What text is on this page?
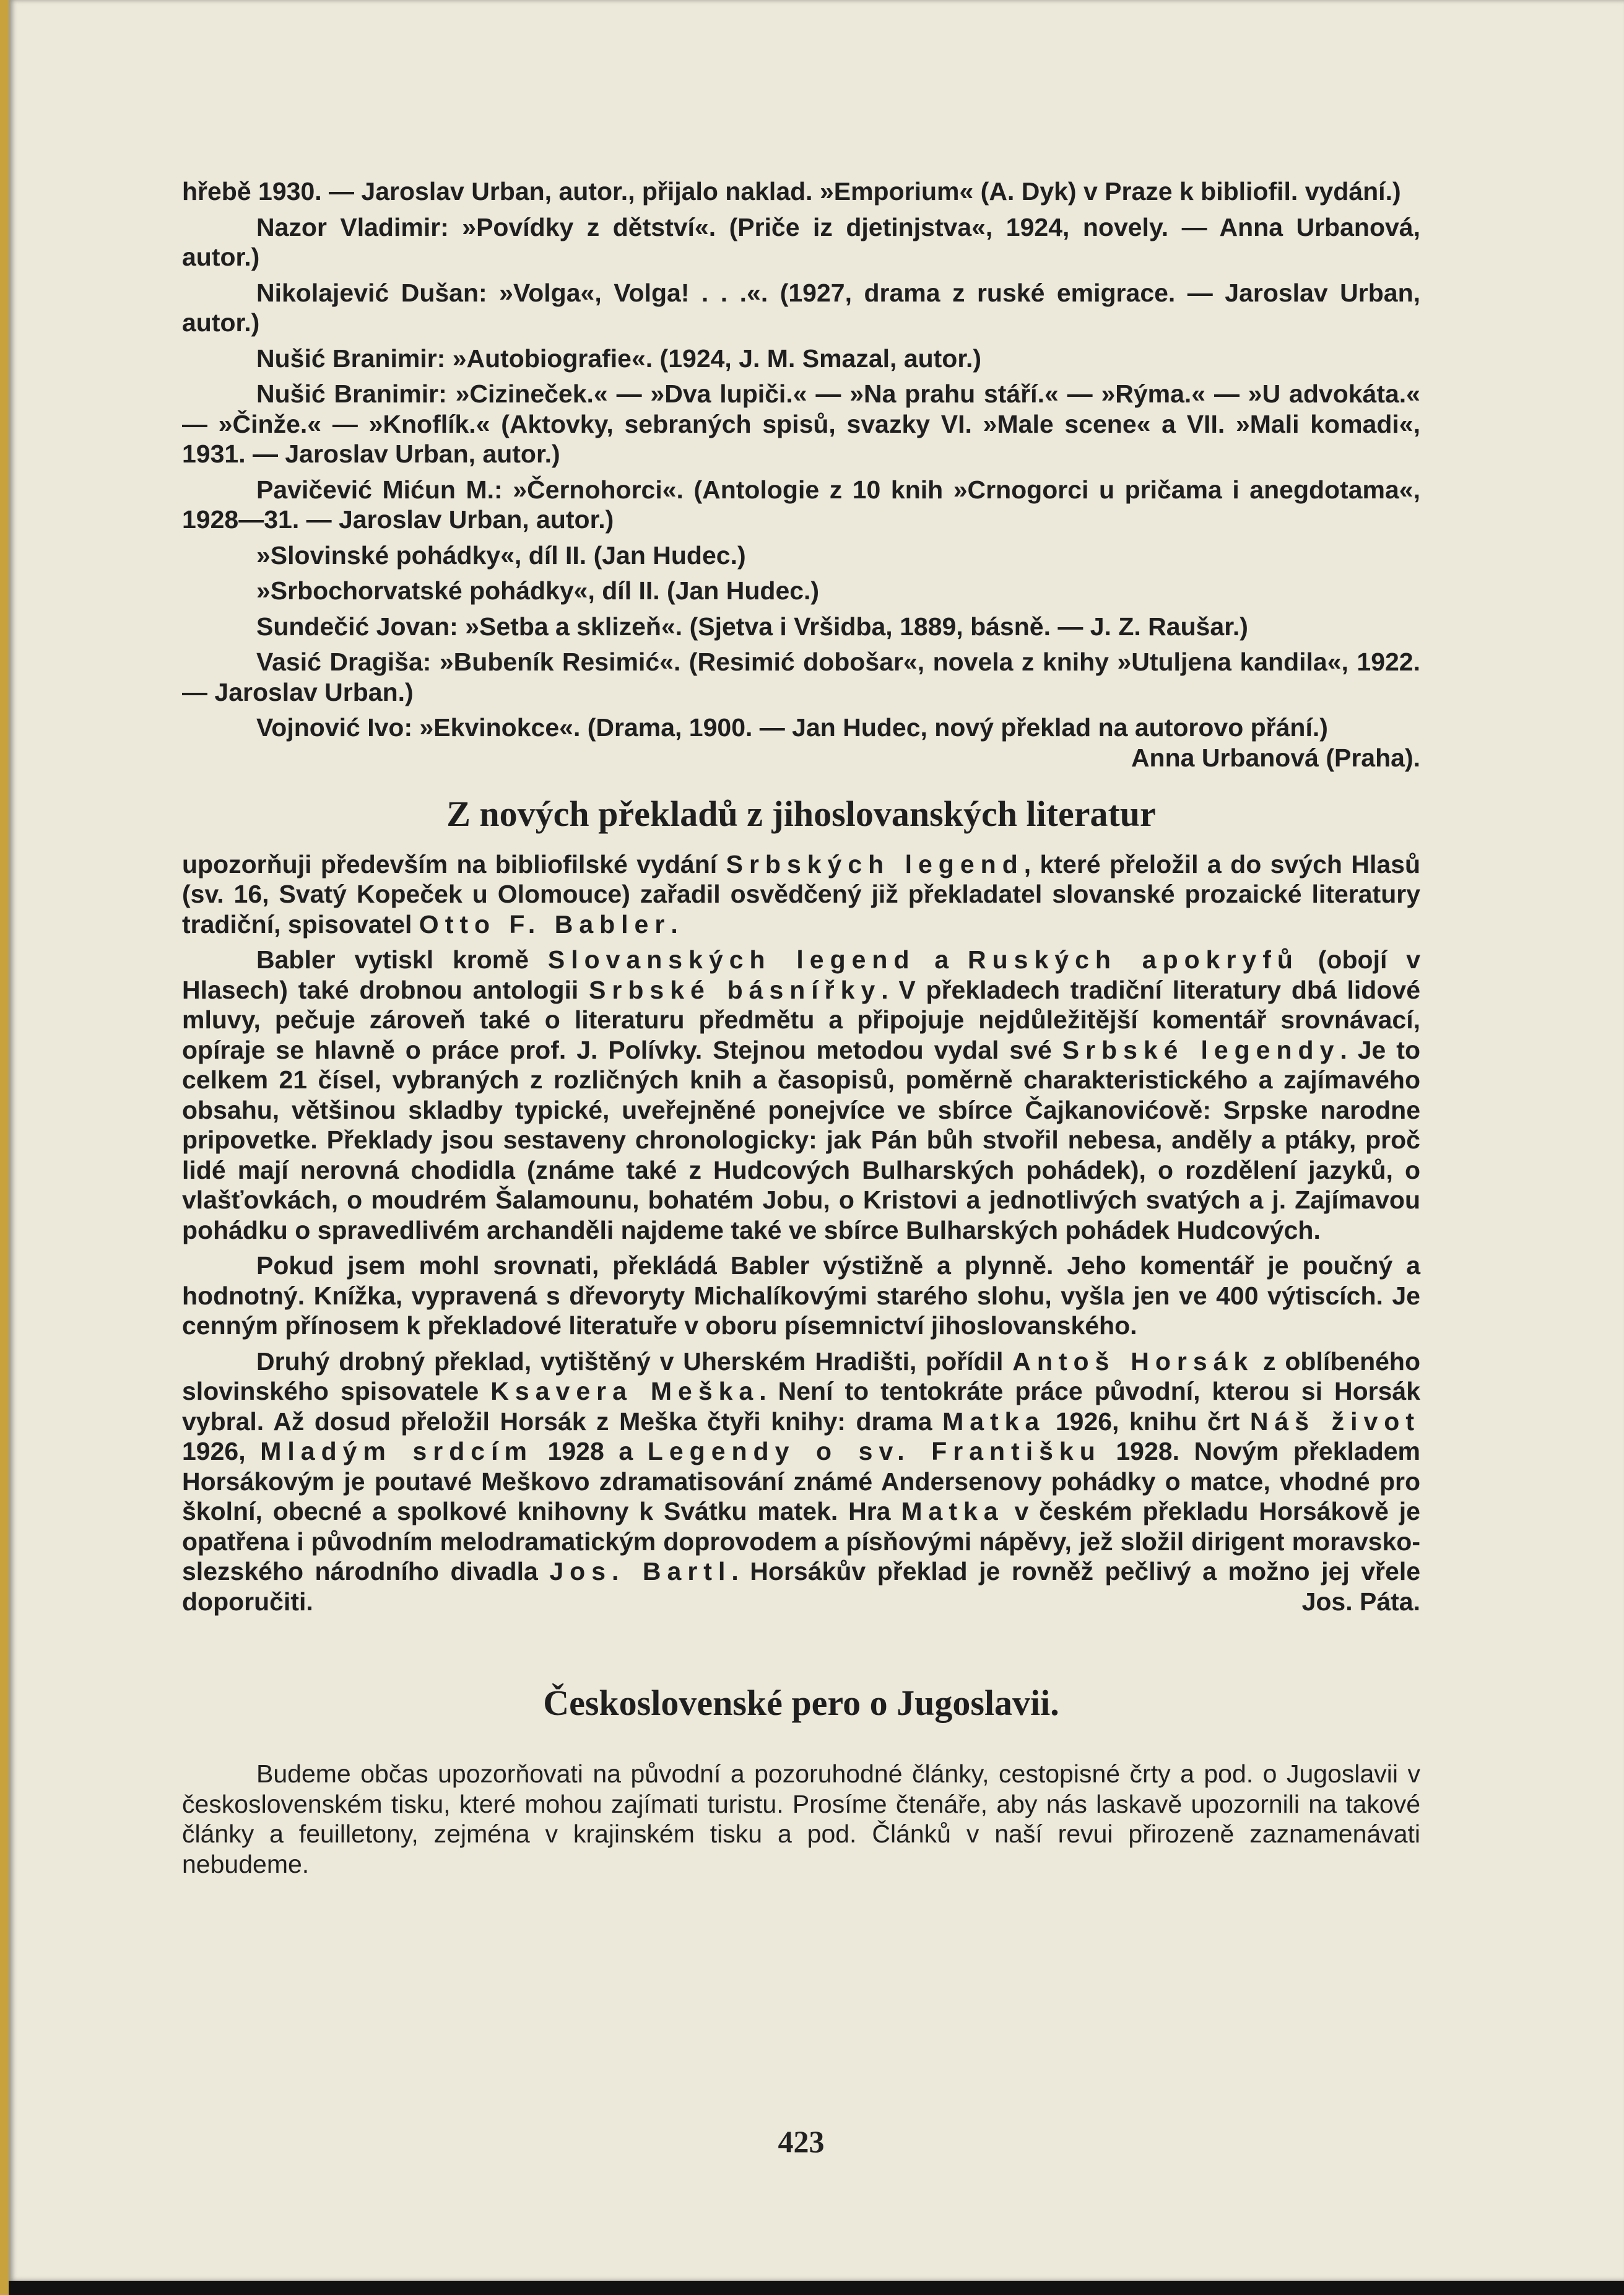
hřebě 1930. — Jaroslav Urban, autor., přijalo naklad. »Emporium« (A. Dyk) v Praze k bibliofil. vydání.)

Nazor Vladimir: »Povídky z dětství«. (Priče iz djetinjstva«, 1924, novely. — Anna Urbanová, autor.)

Nikolajević Dušan: »Volga«, Volga! . . .«. (1927, drama z ruské emigrace. — Jaroslav Urban, autor.)

Nušić Branimir: »Autobiografie«. (1924, J. M. Smazal, autor.)

Nušić Branimir: »Cizineček.« — »Dva lupiči.« — »Na prahu stáří.« — »Rýma.« — »U advokáta.« — »Činže.« — »Knoflík.« (Aktovky, sebraných spisů, svazky VI. »Male scene« a VII. »Mali komadi«, 1931. — Jaroslav Urban, autor.)

Pavičević Mićun M.: »Černohorci«. (Antologie z 10 knih »Crnogorci u pričama i anegdotama«, 1928—31. — Jaroslav Urban, autor.)

»Slovinské pohádky«, díl II. (Jan Hudec.)

»Srbochorvatské pohádky«, díl II. (Jan Hudec.)

Sundečić Jovan: »Setba a sklizeň«. (Sjetva i Vršidba, 1889, básně. — J. Z. Raušar.)

Vasić Dragiša: »Bubeník Resimić«. (Resimić dobošar«, novela z knihy »Utuljena kandila«, 1922. — Jaroslav Urban.)

Vojnović Ivo: »Ekvinokce«. (Drama, 1900. — Jan Hudec, nový překlad na autorovo přání.)
Anna Urbanová (Praha).

Z nových překladů z jihoslovanských literatur

upozorňuji především na bibliofilské vydání Srbských legend, které přeložil a do svých Hlasů (sv. 16, Svatý Kopeček u Olomouce) zařadil osvědčený již překladatel slovanské prozaické literatury tradiční, spisovatel Otto F. Babler.

Babler vytiskl kromě Slovanských legend a Ruských apokryfů (obojí v Hlasech) také drobnou antologii Srbské básnířky. V překladech tradiční literatury dbá lidové mluvy, pečuje zároveň také o literaturu předmětu a připojuje nejdůležitější komentář srovnávací, opíraje se hlavně o práce prof. J. Polívky. Stejnou metodou vydal své Srbské legendy. Je to celkem 21 čísel, vybraných z rozličných knih a časopisů, poměrně charakteristického a zajímavého obsahu, většinou skladby typické, uveřejněné ponejvíce ve sbírce Čajkanovićově: Srpske narodne pripovetke. Překlady jsou sestaveny chronologicky: jak Pán bůh stvořil nebesa, anděly a ptáky, proč lidé mají nerovná chodidla (známe také z Hudcových Bulharských pohádek), o rozdělení jazyků, o vlašťovkách, o moudrém Šalamounu, bohatém Jobu, o Kristovi a jednotlivých svatých a j. Zajímavou pohádku o spravedlivém archanděli najdeme také ve sbírce Bulharských pohádek Hudcových.

Pokud jsem mohl srovnati, překládá Babler výstižně a plynně. Jeho komentář je poučný a hodnotný. Knížka, vypravená s dřevoryty Michalíkovými starého slohu, vyšla jen ve 400 výtiscích. Je cenným přínosem k překladové literatuře v oboru písemnictví jihoslovanského.

Druhý drobný překlad, vytištěný v Uherském Hradišti, pořídil Antoš Horsák z oblíbeného slovinského spisovatele Ksavera Meška. Není to tentokráte práce původní, kterou si Horsák vybral. Až dosud přeložil Horsák z Meška čtyři knihy: drama Matka 1926, knihu črt Náš život 1926, Mladým srdcím 1928 a Legendy o sv. Františku 1928. Novým překladem Horsákovým je poutavé Meškovo zdramatisování známé Andersenovy pohádky o matce, vhodné pro školní, obecné a spolkové knihovny k Svátku matek. Hra Matka v českém překladu Horsákově je opatřena i původním melodramatickým doprovodem a písňovými nápěvy, jež složil dirigent moravsko-slezského národního divadla Jos. Bartl. Horsákův překlad je rovněž pečlivý a možno jej vřele doporučiti.	Jos. Páta.

Československé pero o Jugoslavii.

Budeme občas upozorňovati na původní a pozoruhodné články, cestopisné črty a pod. o Jugoslavii v československém tisku, které mohou zajímati turistu. Prosíme čtenáře, aby nás laskavě upozornili na takové články a feuilletony, zejména v krajinském tisku a pod. Článků v naší revui přirozeně zaznamenávati nebudeme.

423
